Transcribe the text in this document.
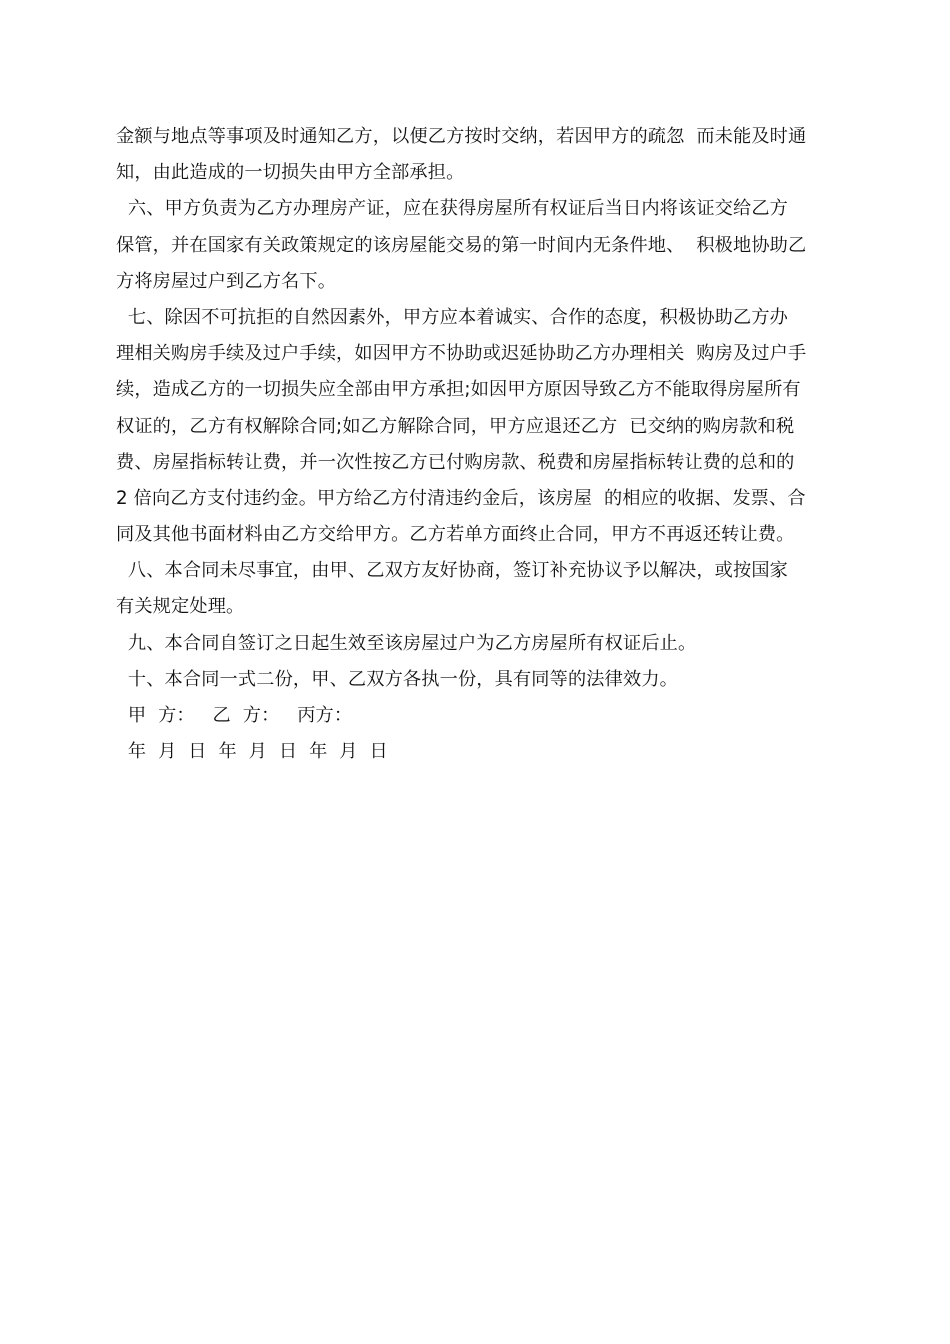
金额与地点等事项及时通知乙方，以便乙方按时交纳，若因甲方的疏忽  而未能及时通
知，由此造成的一切损失由甲方全部承担。
六、甲方负责为乙方办理房产证，应在获得房屋所有权证后当日内将该证交给乙方
保管，并在国家有关政策规定的该房屋能交易的第一时间内无条件地、  积极地协助乙
方将房屋过户到乙方名下。
七、除因不可抗拒的自然因素外，甲方应本着诚实、合作的态度，积极协助乙方办
理相关购房手续及过户手续，如因甲方不协助或迟延协助乙方办理相关  购房及过户手
续，造成乙方的一切损失应全部由甲方承担;如因甲方原因导致乙方不能取得房屋所有
权证的，乙方有权解除合同;如乙方解除合同，甲方应退还乙方  已交纳的购房款和税
费、房屋指标转让费，并一次性按乙方已付购房款、税费和房屋指标转让费的总和的
2 倍向乙方支付违约金。甲方给乙方付清违约金后，该房屋  的相应的收据、发票、合
同及其他书面材料由乙方交给甲方。乙方若单方面终止合同，甲方不再返还转让费。
八、本合同未尽事宜，由甲、乙双方友好协商，签订补充协议予以解决，或按国家
有关规定处理。
九、本合同自签订之日起生效至该房屋过户为乙方房屋所有权证后止。
十、本合同一式二份，甲、乙双方各执一份，具有同等的法律效力。
甲  方：   乙  方：   丙方：
年  月  日  年  月  日  年  月  日
